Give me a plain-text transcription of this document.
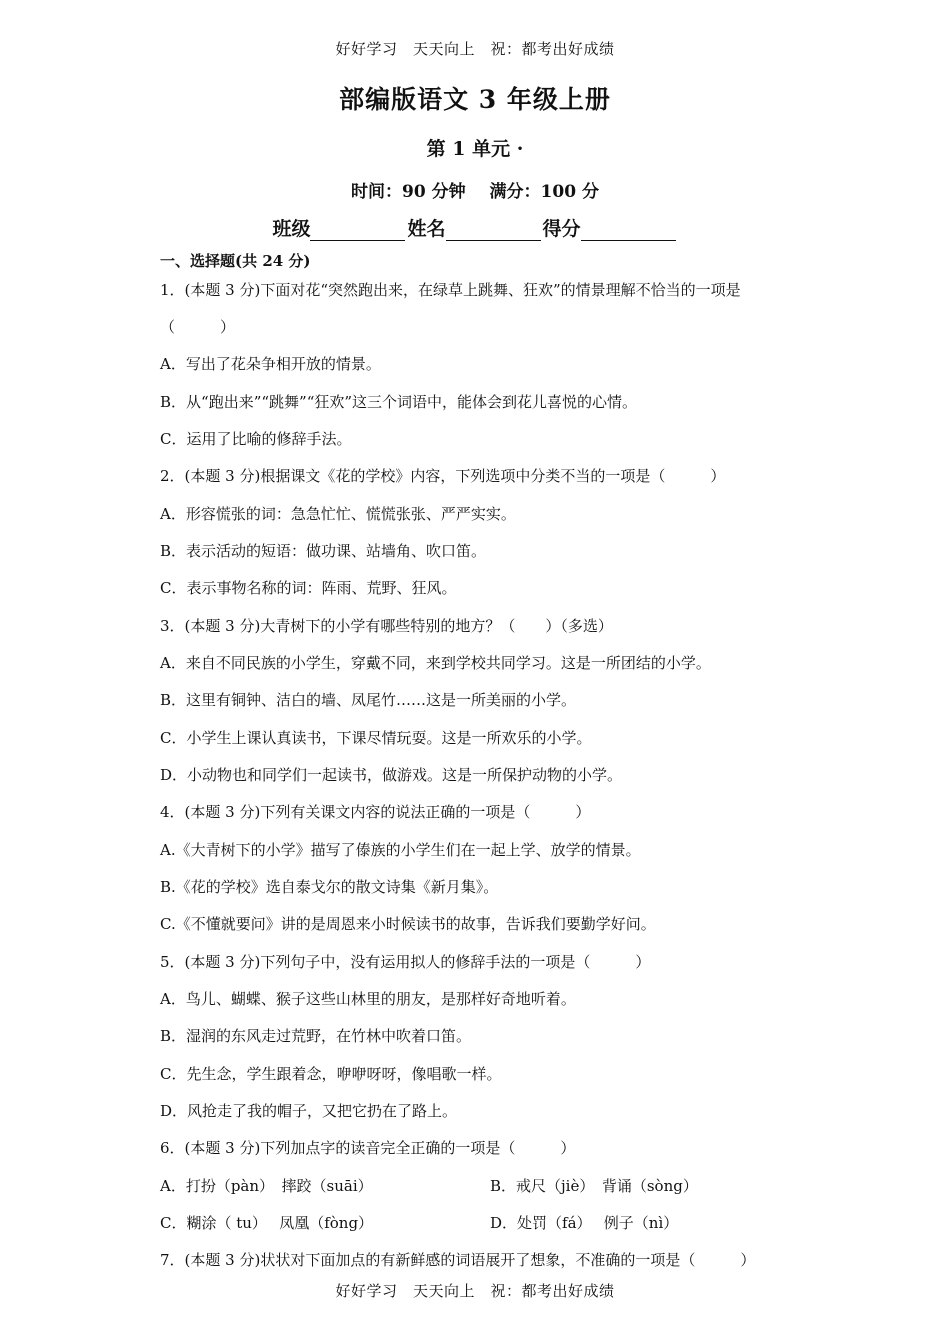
好好学习　天天向上　祝：都考出好成绩
部编版语文 3 年级上册
第 1 单元 ·
时间：90 分钟 满分：100 分
班级	姓名	得分
一、选择题(共 24 分)
1．(本题 3 分)下面对花“突然跑出来，在绿草上跳舞、狂欢”的情景理解不恰当的一项是
（　　　）
A．写出了花朵争相开放的情景。
B．从“跑出来”“跳舞”“狂欢”这三个词语中，能体会到花儿喜悦的心情。
C．运用了比喻的修辞手法。
2．(本题 3 分)根据课文《花的学校》内容，下列选项中分类不当的一项是（　　　）
A．形容慌张的词：急急忙忙、慌慌张张、严严实实。
B．表示活动的短语：做功课、站墙角、吹口笛。
C．表示事物名称的词：阵雨、荒野、狂风。
3．(本题 3 分)大青树下的小学有哪些特别的地方？（　　）（多选）
A．来自不同民族的小学生，穿戴不同，来到学校共同学习。这是一所团结的小学。
B．这里有铜钟、洁白的墙、凤尾竹……这是一所美丽的小学。
C．小学生上课认真读书，下课尽情玩耍。这是一所欢乐的小学。
D．小动物也和同学们一起读书，做游戏。这是一所保护动物的小学。
4．(本题 3 分)下列有关课文内容的说法正确的一项是（　　　）
A.《大青树下的小学》描写了傣族的小学生们在一起上学、放学的情景。
B.《花的学校》选自泰戈尔的散文诗集《新月集》。
C.《不懂就要问》讲的是周恩来小时候读书的故事，告诉我们要勤学好问。
5．(本题 3 分)下列句子中，没有运用拟人的修辞手法的一项是（　　　）
A．鸟儿、蝴蝶、猴子这些山林里的朋友，是那样好奇地听着。
B．湿润的东风走过荒野，在竹林中吹着口笛。
C．先生念，学生跟着念，咿咿呀呀，像唱歌一样。
D．风抢走了我的帽子，又把它扔在了路上。
6．(本题 3 分)下列加点字的读音完全正确的一项是（　　　）
A．打扮（pàn）　摔跤（suāi）	B．戒尺（jiè）　背诵（sòng）
C．糊涂（ tu）　 凤凰（fòng）	D．处罚（fá）　 例子（nì）
7．(本题 3 分)状状对下面加点的有新鲜感的词语展开了想象，不准确的一项是（　　　）
好好学习　天天向上　祝：都考出好成绩
